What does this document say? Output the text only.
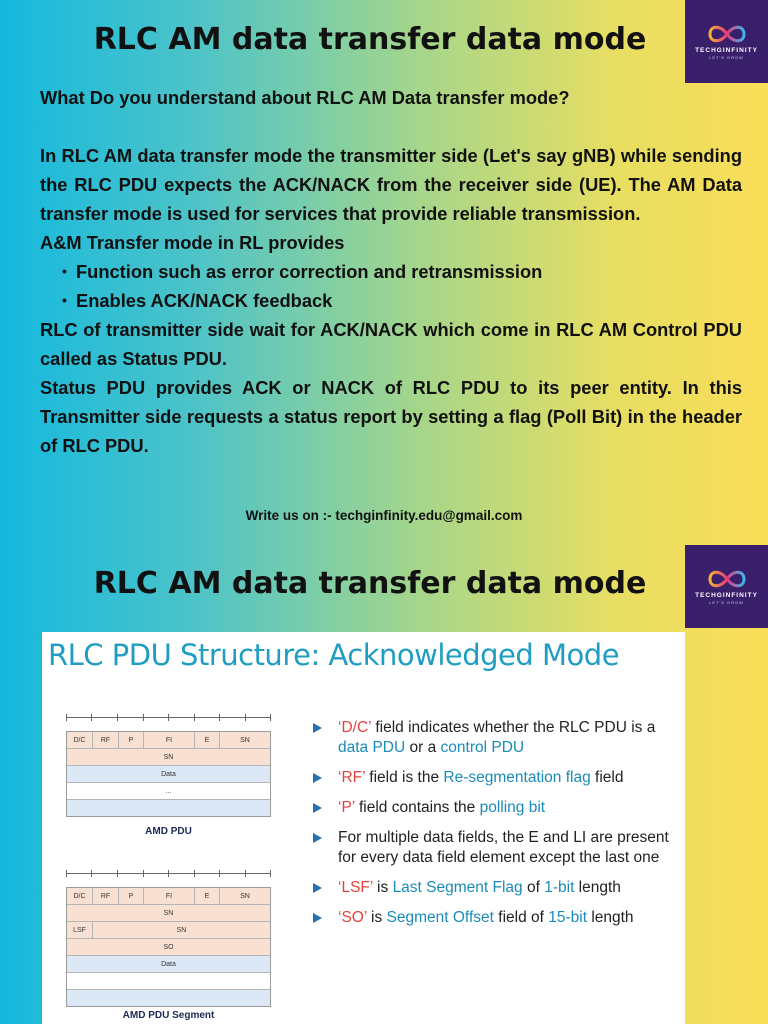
RLC AM data transfer data mode	TECHGINFINITY
LET'S GROW

What Do you understand about RLC AM Data transfer mode?

In RLC AM data transfer mode the transmitter side (Let's say gNB) while sending the RLC PDU expects the ACK/NACK from the receiver side (UE). The AM Data transfer mode is used for services that provide reliable transmission.

A&M Transfer mode in RL provides

• Function such as error correction and retransmission
• Enables ACK/NACK feedback

RLC of transmitter side wait for ACK/NACK which come in RLC AM Control PDU called as Status PDU.

Status PDU provides ACK or NACK of RLC PDU to its peer entity. In this Transmitter side requests a status report by setting a flag (Poll Bit) in the header of RLC PDU.

Write us on :- techginfinity.edu@gmail.com
RLC AM data transfer data mode	TECHGINFINITY
LET'S GROW
RLC PDU Structure: Acknowledged Mode
D/C	RF	P	FI	E	SN
SN
Data
...
AMD PDU
D/C	RF	P	FI	E	SN
SN
LSF	SN
SO
Data
AMD PDU Segment
‘D/C’ field indicates whether the RLC PDU is a data PDU or a control PDU
‘RF’ field is the Re-segmentation flag field
‘P’ field contains the polling bit
For multiple data fields, the E and LI are present for every data field element except the last one
‘LSF’ is Last Segment Flag of 1-bit length
‘SO’ is Segment Offset field of 15-bit length
